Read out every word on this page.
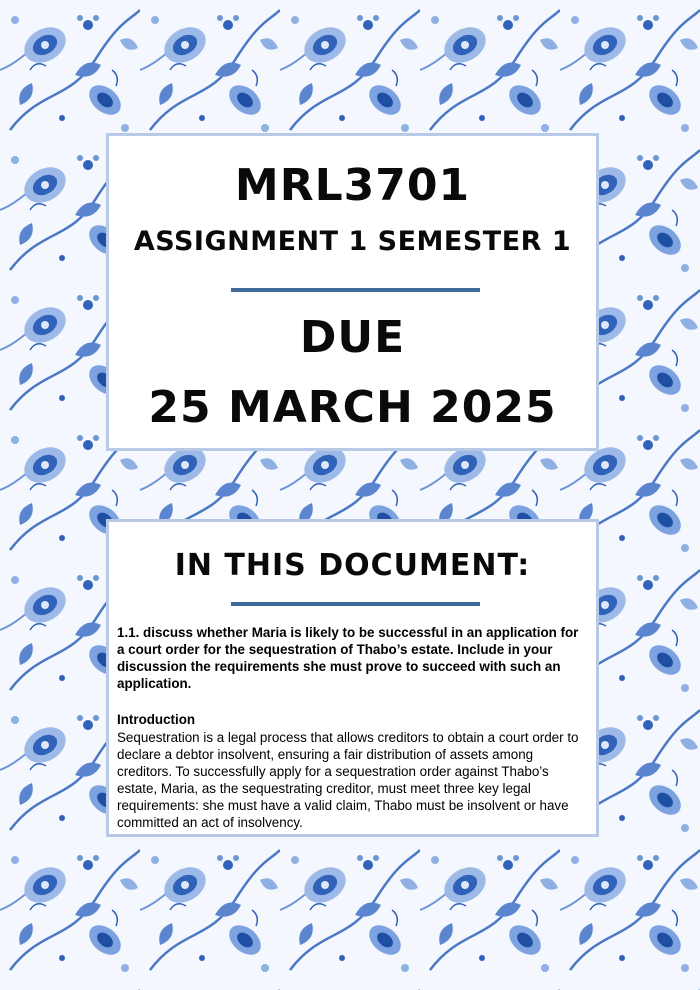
MRL3701
ASSIGNMENT 1 SEMESTER 1
DUE
25 MARCH 2025
IN THIS DOCUMENT:
1.1. discuss whether Maria is likely to be successful in an application for a court order for the sequestration of Thabo’s estate. Include in your discussion the requirements she must prove to succeed with such an application.
Introduction
Sequestration is a legal process that allows creditors to obtain a court order to declare a debtor insolvent, ensuring a fair distribution of assets among creditors. To successfully apply for a sequestration order against Thabo’s estate, Maria, as the sequestrating creditor, must meet three key legal requirements: she must have a valid claim, Thabo must be insolvent or have committed an act of insolvency.
